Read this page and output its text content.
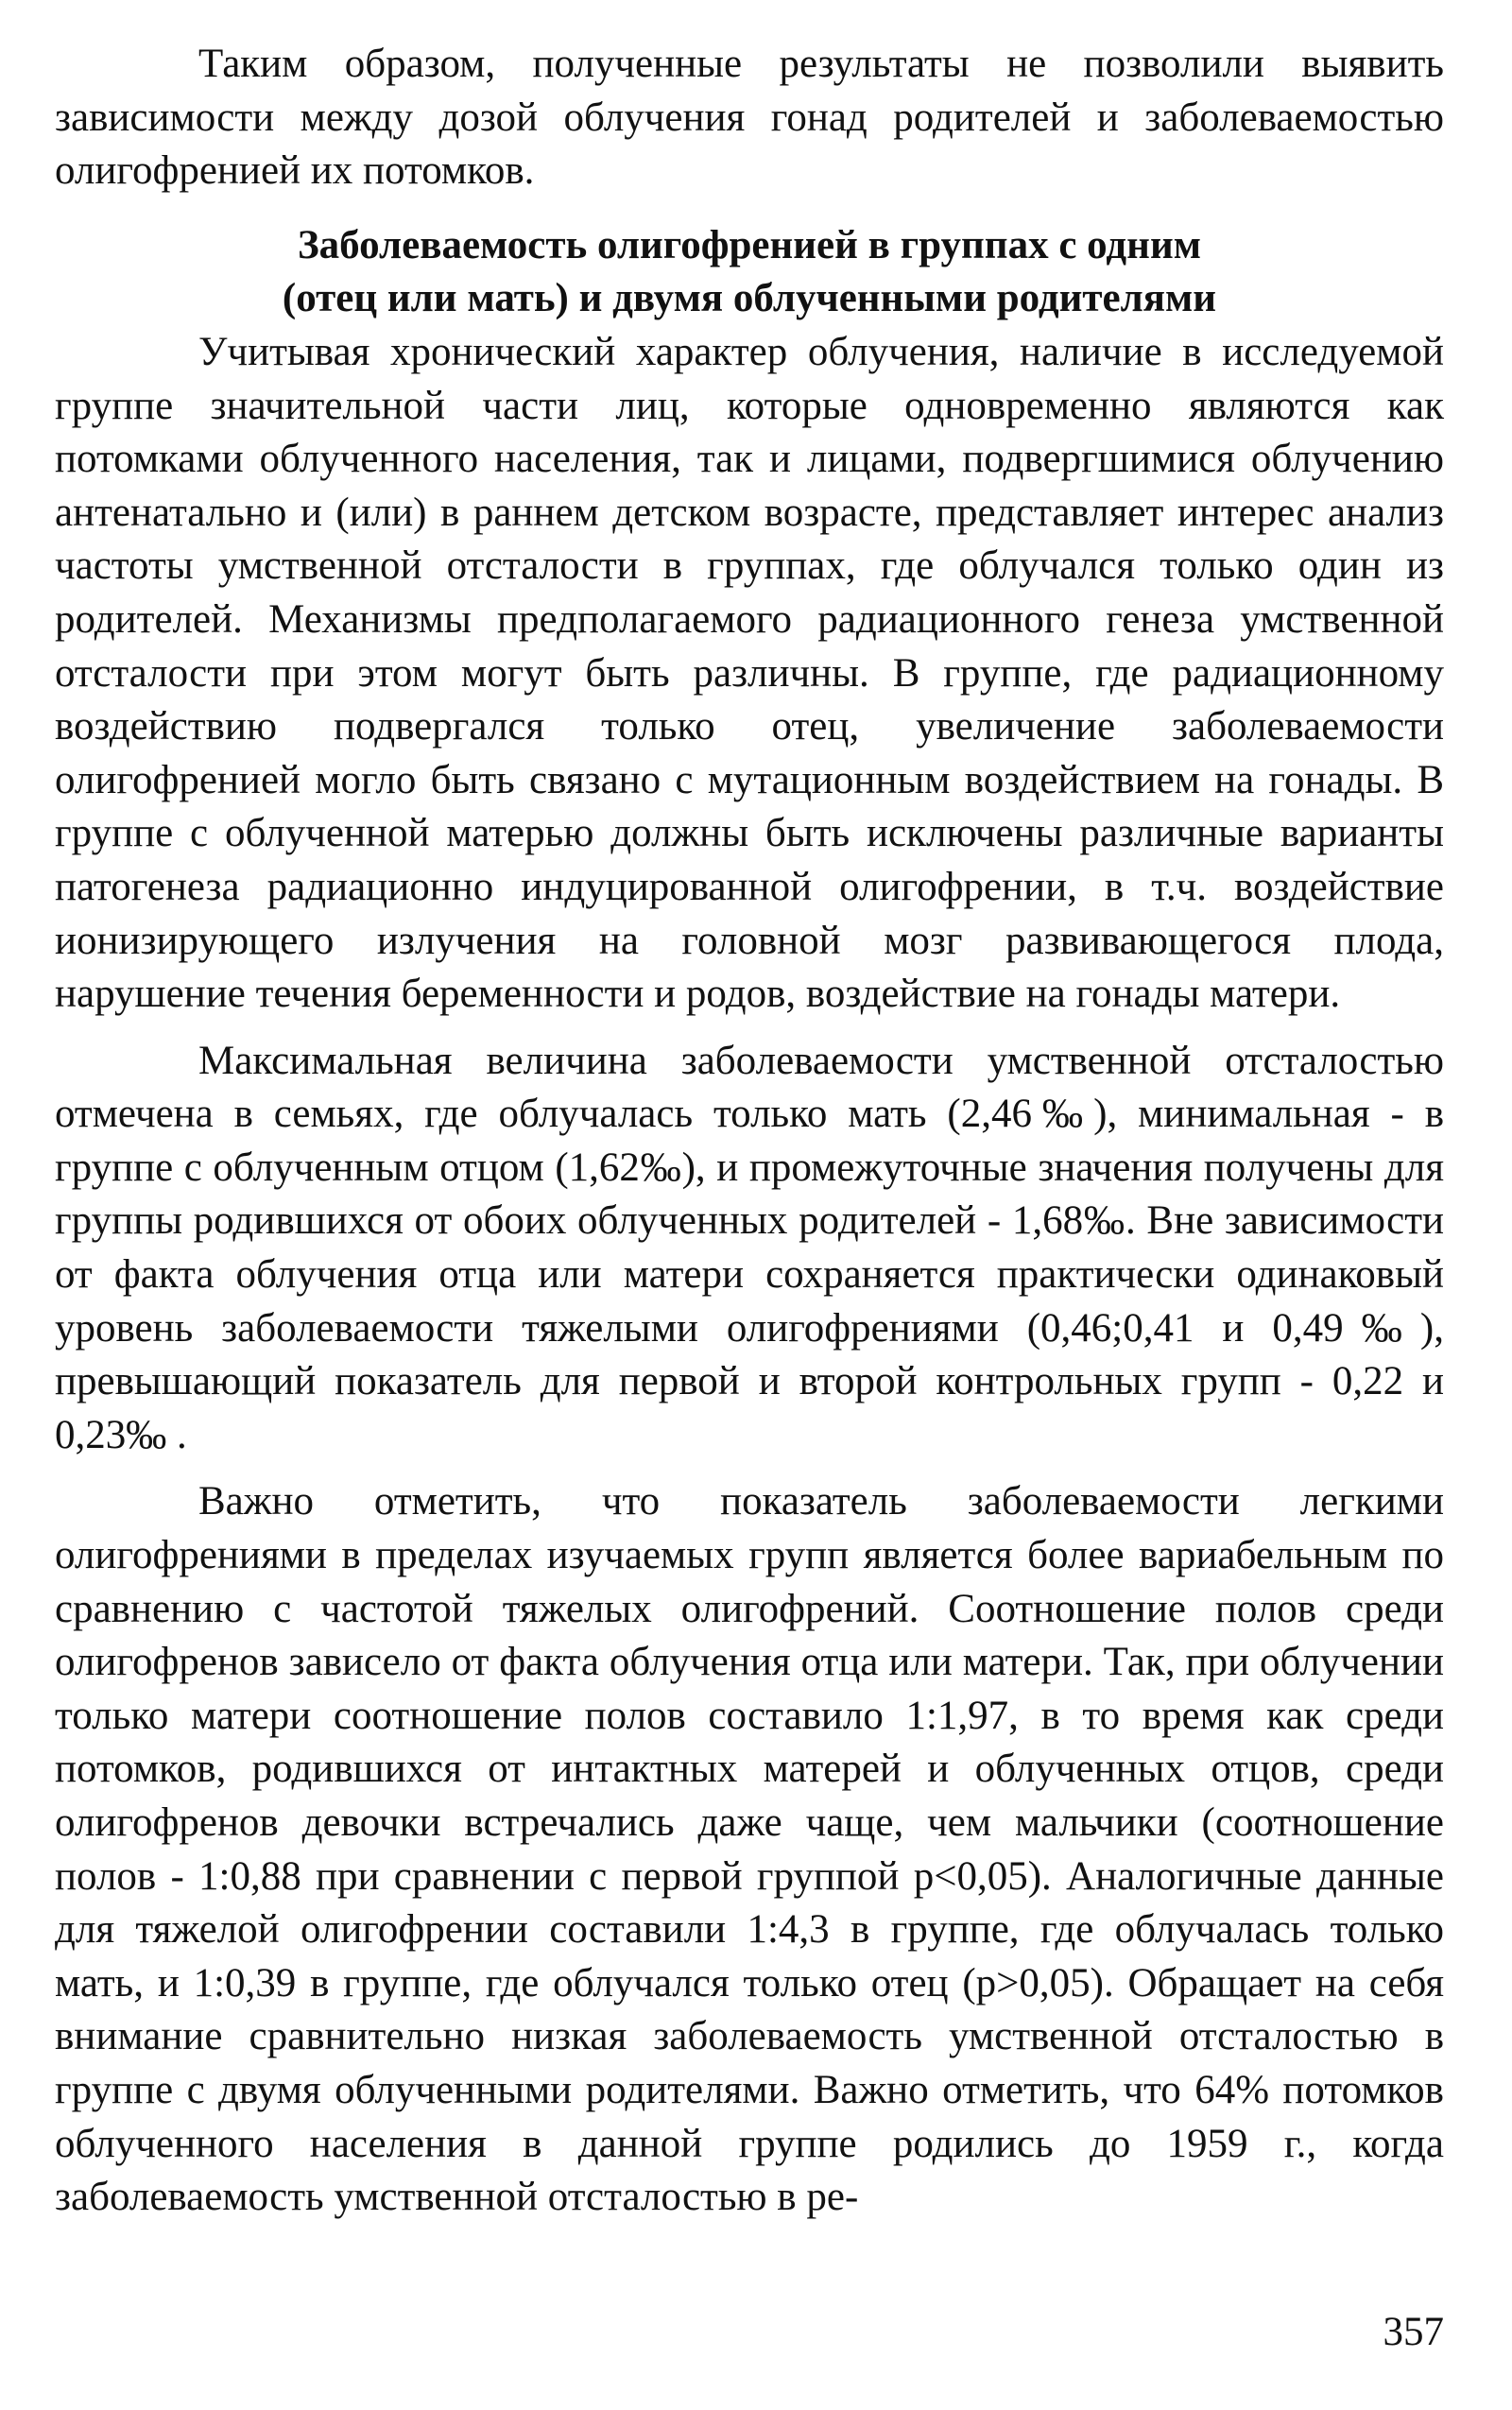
Таким образом, полученные результаты не позволили выявить зависимости между дозой облучения гонад родителей и заболеваемостью олигофренией их потомков.

Заболеваемость олигофренией в группах с одним
(отец или мать) и двумя облученными родителями

Учитывая хронический характер облучения, наличие в исследуемой группе значительной части лиц, которые одновременно являются как потомками облученного населения, так и лицами, подвергшимися облучению антенатально и (или) в раннем детском возрасте, представляет интерес анализ частоты умственной отсталости в группах, где облучался только один из родителей. Механизмы предполагаемого радиационного генеза умственной отсталости при этом могут быть различны. В группе, где радиационному воздействию подвергался только отец, увеличение заболеваемости олигофренией могло быть связано с мутационным воздействием на гонады. В группе с облученной матерью должны быть исключены различные варианты патогенеза радиационно индуцированной олигофрении, в т.ч. воздействие ионизирующего излучения на головной мозг развивающегося плода, нарушение течения беременности и родов, воздействие на гонады матери.

Максимальная величина заболеваемости умственной отсталостью отмечена в семьях, где облучалась только мать (2,46‰), минимальная - в группе с облученным отцом (1,62‰), и промежуточные значения получены для группы родившихся от обоих облученных родителей - 1,68‰. Вне зависимости от факта облучения отца или матери сохраняется практически одинаковый уровень заболеваемости тяжелыми олигофрениями (0,46;0,41 и 0,49‰), превышающий показатель для первой и второй контрольных групп - 0,22 и 0,23‰ .

Важно отметить, что показатель заболеваемости легкими олигофрениями в пределах изучаемых групп является более вариабельным по сравнению с частотой тяжелых олигофрений. Соотношение полов среди олигофренов зависело от факта облучения отца или матери. Так, при облучении только матери соотношение полов составило 1:1,97, в то время как среди потомков, родившихся от интактных матерей и облученных отцов, среди олигофренов девочки встречались даже чаще, чем мальчики (соотношение полов - 1:0,88 при сравнении с первой группой p<0,05). Аналогичные данные для тяжелой олигофрении составили 1:4,3 в группе, где облучалась только мать, и 1:0,39 в группе, где облучался только отец (p>0,05). Обращает на себя внимание сравнительно низкая заболеваемость умственной отсталостью в группе с двумя облученными родителями. Важно отметить, что 64% потомков облученного населения в данной группе родились до 1959 г., когда заболеваемость умственной отсталостью в ре-

357
